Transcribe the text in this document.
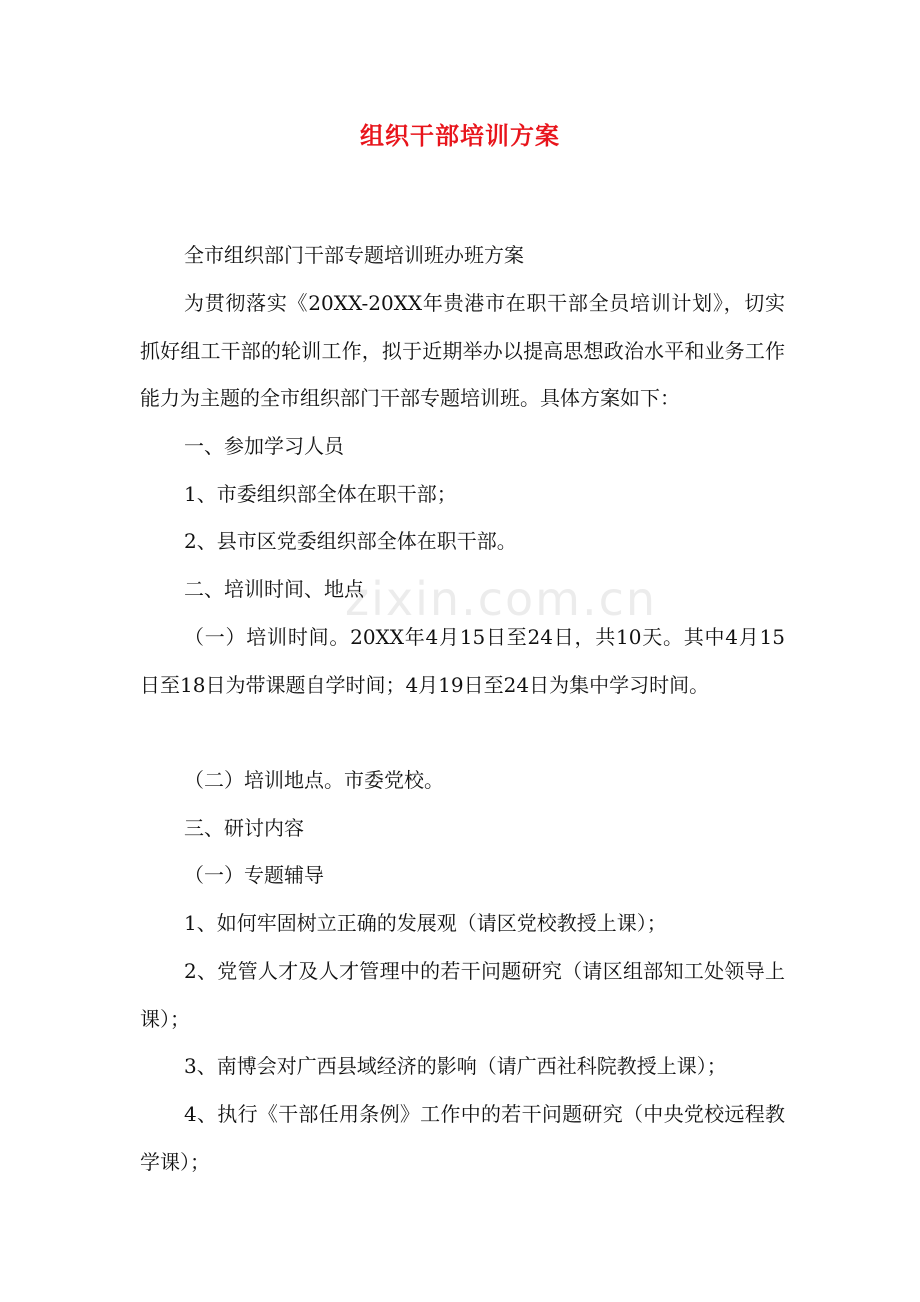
组织干部培训方案
zixin.com.cn

全市组织部门干部专题培训班办班方案

为贯彻落实《20XX-20XX年贵港市在职干部全员培训计划》，切实抓好组工干部的轮训工作，拟于近期举办以提高思想政治水平和业务工作能力为主题的全市组织部门干部专题培训班。具体方案如下：

一、参加学习人员

1、市委组织部全体在职干部；

2、县市区党委组织部全体在职干部。

二、培训时间、地点

（一）培训时间。20XX年4月15日至24日，共10天。其中4月15日至18日为带课题自学时间；4月19日至24日为集中学习时间。

（二）培训地点。市委党校。

三、研讨内容

（一）专题辅导

1、如何牢固树立正确的发展观（请区党校教授上课）；

2、党管人才及人才管理中的若干问题研究（请区组部知工处领导上课）；

3、南博会对广西县域经济的影响（请广西社科院教授上课）；

4、执行《干部任用条例》工作中的若干问题研究（中央党校远程教学课）；
